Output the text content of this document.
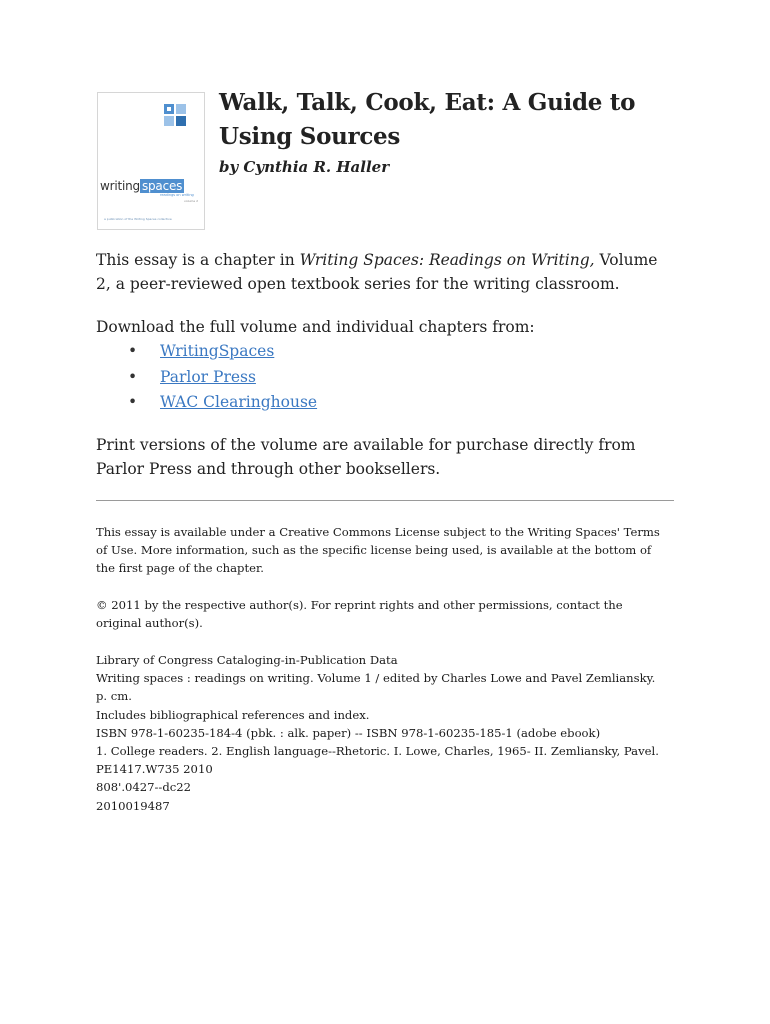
writing spaces
readings on writing
volume 2
a publication of the Writing Spaces collective
Walk, Talk, Cook, Eat: A Guide to Using Sources
by Cynthia R. Haller

This essay is a chapter in Writing Spaces: Readings on Writing, Volume 2, a peer-reviewed open textbook series for the writing classroom.

Download the full volume and individual chapters from:

• WritingSpaces
• Parlor Press
• WAC Clearinghouse

Print versions of the volume are available for purchase directly from Parlor Press and through other booksellers.

This essay is available under a Creative Commons License subject to the Writing Spaces' Terms of Use. More information, such as the specific license being used, is available at the bottom of the first page of the chapter.

© 2011 by the respective author(s). For reprint rights and other permissions, contact the original author(s).

Library of Congress Cataloging-in-Publication Data
Writing spaces : readings on writing. Volume 1 / edited by Charles Lowe and Pavel Zemliansky.
p. cm.
Includes bibliographical references and index.
ISBN 978-1-60235-184-4 (pbk. : alk. paper) -- ISBN 978-1-60235-185-1 (adobe ebook)
1. College readers. 2. English language--Rhetoric. I. Lowe, Charles, 1965- II. Zemliansky, Pavel.
PE1417.W735 2010
808'.0427--dc22
2010019487
